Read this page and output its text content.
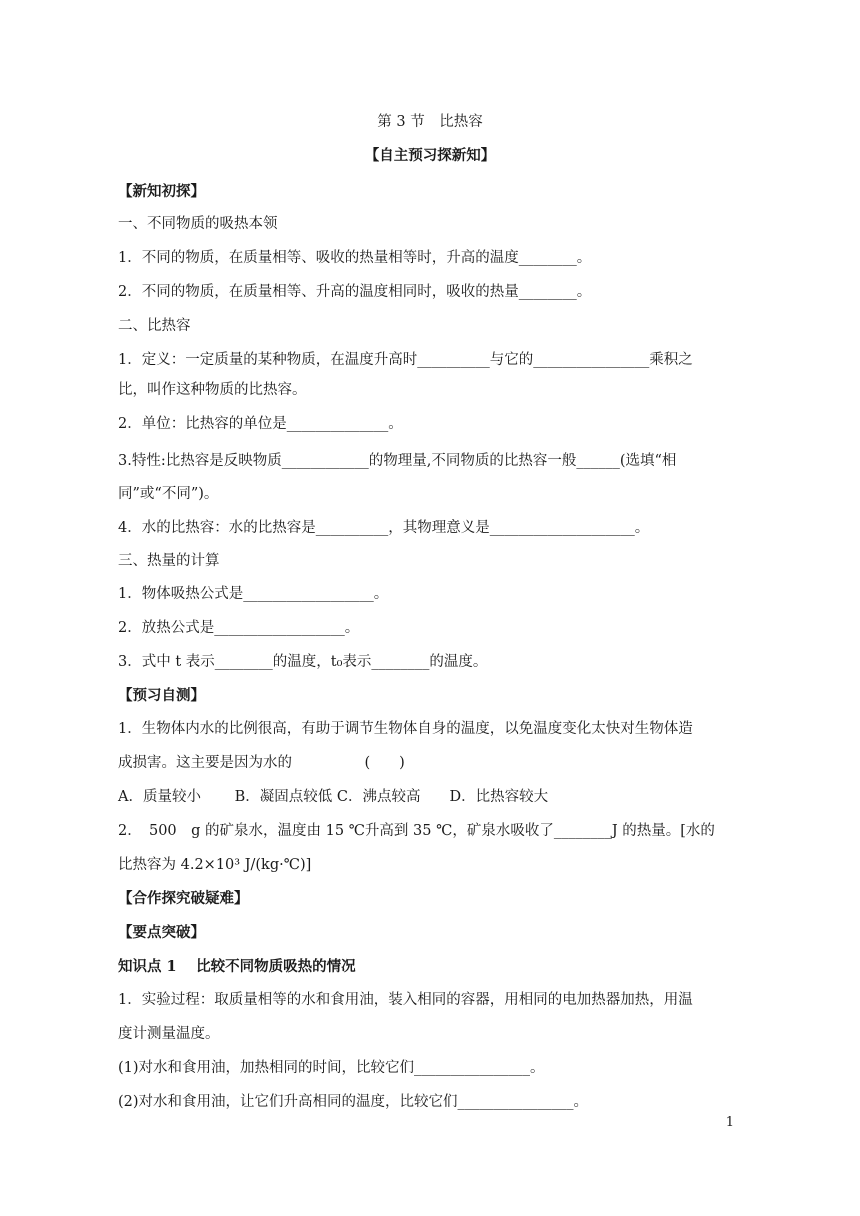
第 3 节　比热容
【自主预习探新知】
【新知初探】
一、不同物质的吸热本领
1．不同的物质，在质量相等、吸收的热量相等时，升高的温度________。
2．不同的物质，在质量相等、升高的温度相同时，吸收的热量________。
二、比热容
1．定义：一定质量的某种物质，在温度升高时__________与它的________________乘积之
比，叫作这种物质的比热容。
2．单位：比热容的单位是______________。
3.特性:比热容是反映物质____________的物理量,不同物质的比热容一般______(选填“相
同”或“不同”)。
4．水的比热容：水的比热容是__________，其物理意义是____________________。
三、热量的计算
1．物体吸热公式是__________________。
2．放热公式是__________________。
3．式中 t 表示________的温度，t₀表示________的温度。
【预习自测】
1．生物体内水的比例很高，有助于调节生物体自身的温度，以免温度变化太快对生物体造
成损害。这主要是因为水的　　　　　(　　)
A．质量较小　　 B．凝固点较低 C．沸点较高　　D．比热容较大
2．　500　g 的矿泉水，温度由 15 ℃升高到 35 ℃，矿泉水吸收了________J 的热量。[水的
比热容为 4.2×10³ J/(kg·℃)]
【合作探究破疑难】
【要点突破】
知识点 1　 比较不同物质吸热的情况
1．实验过程：取质量相等的水和食用油，装入相同的容器，用相同的电加热器加热，用温
度计测量温度。
(1)对水和食用油，加热相同的时间，比较它们________________。
(2)对水和食用油，让它们升高相同的温度，比较它们________________。
1
